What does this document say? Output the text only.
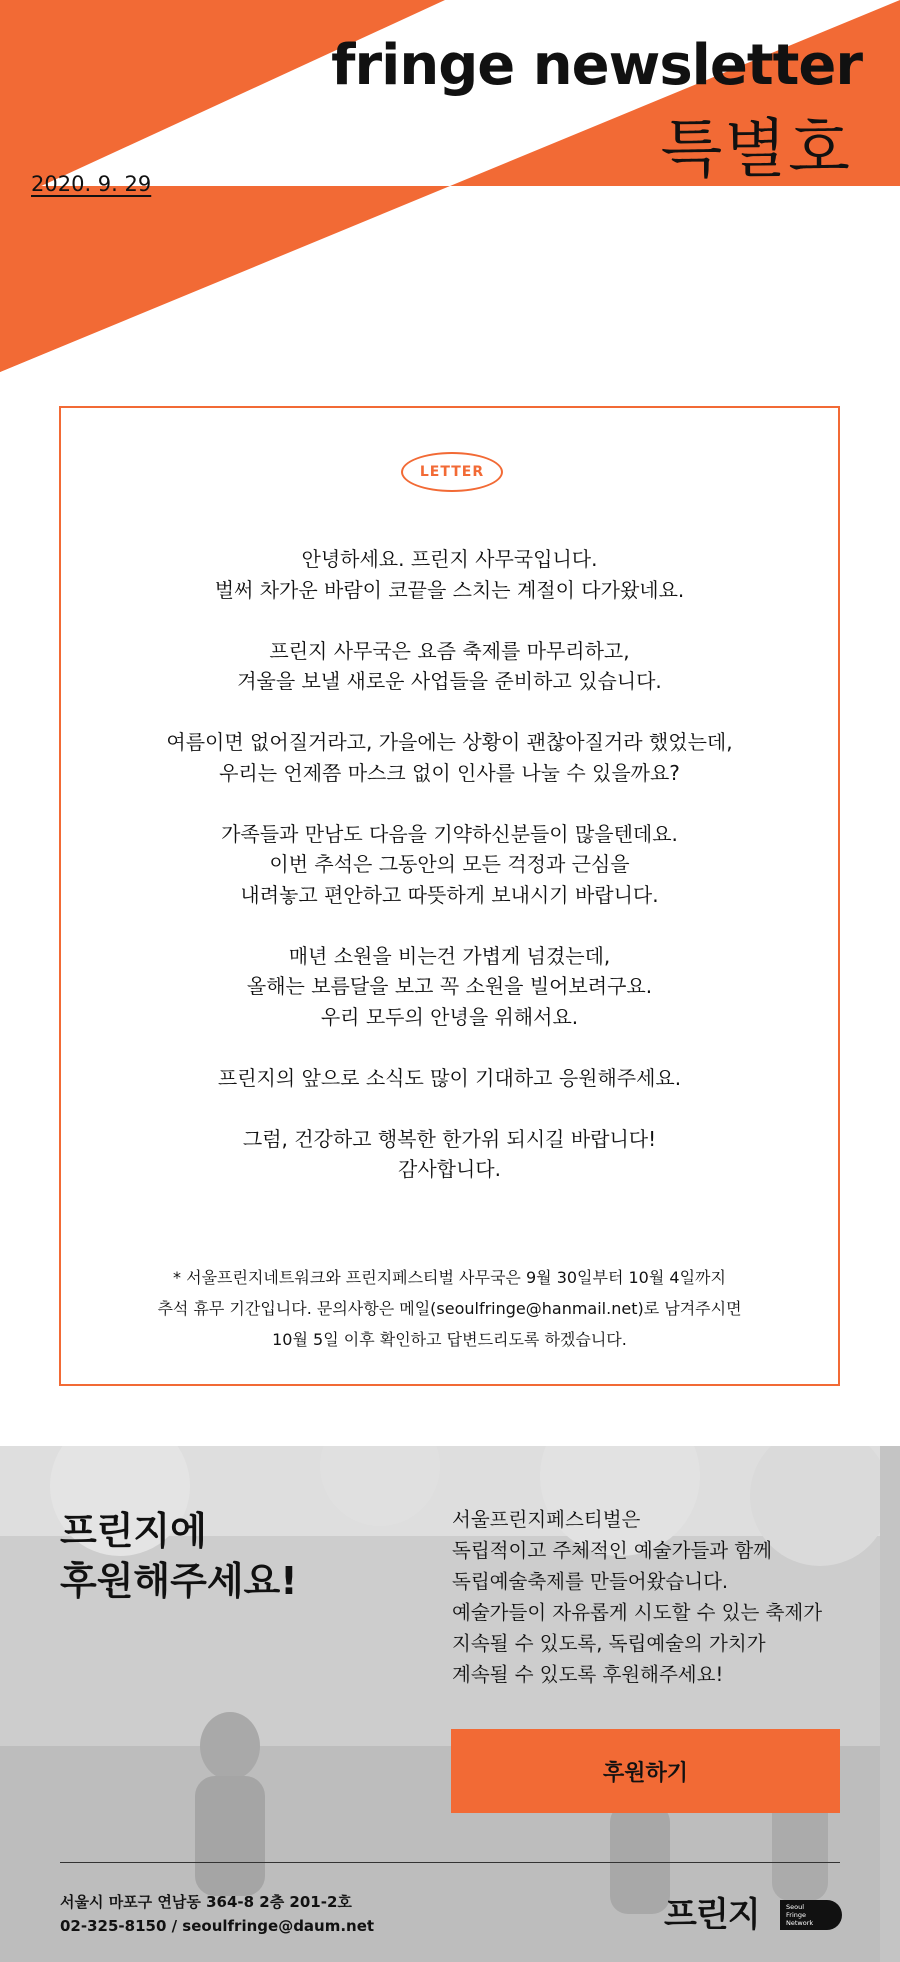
fringe newsletter
특별호
2020. 9. 29
LETTER

안녕하세요. 프린지 사무국입니다.
벌써 차가운 바람이 코끝을 스치는 계절이 다가왔네요.

프린지 사무국은 요즘 축제를 마무리하고,
겨울을 보낼 새로운 사업들을 준비하고 있습니다.

여름이면 없어질거라고, 가을에는 상황이 괜찮아질거라 했었는데,
우리는 언제쯤 마스크 없이 인사를 나눌 수 있을까요?

가족들과 만남도 다음을 기약하신분들이 많을텐데요.
이번 추석은 그동안의 모든 걱정과 근심을
내려놓고 편안하고 따뜻하게 보내시기 바랍니다.

매년 소원을 비는건 가볍게 넘겼는데,
올해는 보름달을 보고 꼭 소원을 빌어보려구요.
우리 모두의 안녕을 위해서요.

프린지의 앞으로 소식도 많이 기대하고 응원해주세요.

그럼, 건강하고 행복한 한가위 되시길 바랍니다!
감사합니다.

* 서울프린지네트워크와 프린지페스티벌 사무국은 9월 30일부터 10월 4일까지
추석 휴무 기간입니다. 문의사항은 메일(seoulfringe@hanmail.net)로 남겨주시면
10월 5일 이후 확인하고 답변드리도록 하겠습니다.
프린지에
후원해주세요!
서울프린지페스티벌은
독립적이고 주체적인 예술가들과 함께
독립예술축제를 만들어왔습니다.
예술가들이 자유롭게 시도할 수 있는 축제가
지속될 수 있도록, 독립예술의 가치가
계속될 수 있도록 후원해주세요!
후원하기
서울시 마포구 연남동 364-8 2층 201-2호
02-325-8150 / seoulfringe@daum.net	프린지	Seoul
Fringe
Network
